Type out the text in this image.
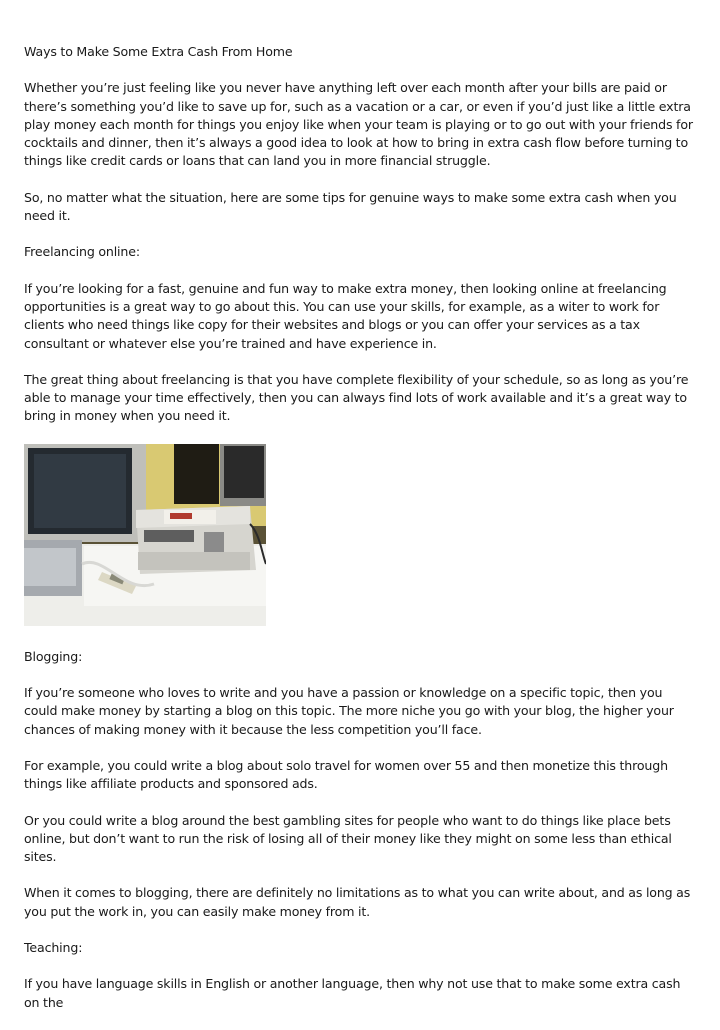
Ways to Make Some Extra Cash From Home

Whether you’re just feeling like you never have anything left over each month after your bills are paid or there’s something you’d like to save up for, such as a vacation or a car, or even if you’d just like a little extra play money each month for things you enjoy like when your team is playing or to go out with your friends for cocktails and dinner, then it’s always a good idea to look at how to bring in extra cash flow before turning to things like credit cards or loans that can land you in more financial struggle.

So, no matter what the situation, here are some tips for genuine ways to make some extra cash when you need it.

Freelancing online:

If you’re looking for a fast, genuine and fun way to make extra money, then looking online at freelancing opportunities is a great way to go about this. You can use your skills, for example, as a witer to work for clients who need things like copy for their websites and blogs or you can offer your services as a tax consultant or whatever else you’re trained and have experience in.

The great thing about freelancing is that you have complete flexibility of your schedule, so as long as you’re able to manage your time effectively, then you can always find lots of work available and it’s a great way to bring in money when you need it.

Blogging:

If you’re someone who loves to write and you have a passion or knowledge on a specific topic, then you could make money by starting a blog on this topic. The more niche you go with your blog, the higher your chances of making money with it because the less competition you’ll face.

For example, you could write a blog about solo travel for women over 55 and then monetize this through things like affiliate products and sponsored ads.

Or you could write a blog around the best gambling sites for people who want to do things like place bets online, but don’t want to run the risk of losing all of their money like they might on some less than ethical sites.

When it comes to blogging, there are definitely no limitations as to what you can write about, and as long as you put the work in, you can easily make money from it.

Teaching:

If you have language skills in English or another language, then why not use that to make some extra cash on the
